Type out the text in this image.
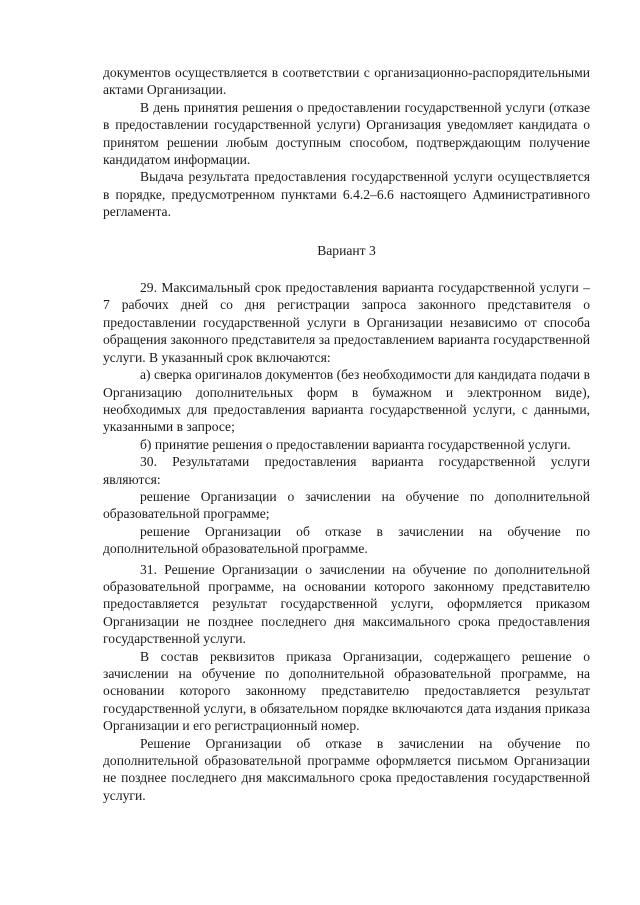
документов осуществляется в соответствии с организационно-распорядительными актами Организации.

В день принятия решения о предоставлении государственной услуги (отказе в предоставлении государственной услуги) Организация уведомляет кандидата о принятом решении любым доступным способом, подтверждающим получение кандидатом информации.

Выдача результата предоставления государственной услуги осуществляется в порядке, предусмотренном пунктами 6.4.2–6.6 настоящего Административного регламента.

Вариант 3

29. Максимальный срок предоставления варианта государственной услуги – 7 рабочих дней со дня регистрации запроса законного представителя о предоставлении государственной услуги в Организации независимо от способа обращения законного представителя за предоставлением варианта государственной услуги. В указанный срок включаются:

а) сверка оригиналов документов (без необходимости для кандидата подачи в Организацию дополнительных форм в бумажном и электронном виде), необходимых для предоставления варианта государственной услуги, с данными, указанными в запросе;

б) принятие решения о предоставлении варианта государственной услуги.

30. Результатами предоставления варианта государственной услуги являются:

решение Организации о зачислении на обучение по дополнительной образовательной программе;

решение Организации об отказе в зачислении на обучение по дополнительной образовательной программе.

31. Решение Организации о зачислении на обучение по дополнительной образовательной программе, на основании которого законному представителю предоставляется результат государственной услуги, оформляется приказом Организации не позднее последнего дня максимального срока предоставления государственной услуги.

В состав реквизитов приказа Организации, содержащего решение о зачислении на обучение по дополнительной образовательной программе, на основании которого законному представителю предоставляется результат государственной услуги, в обязательном порядке включаются дата издания приказа Организации и его регистрационный номер.

Решение Организации об отказе в зачислении на обучение по дополнительной образовательной программе оформляется письмом Организации не позднее последнего дня максимального срока предоставления государственной услуги.
